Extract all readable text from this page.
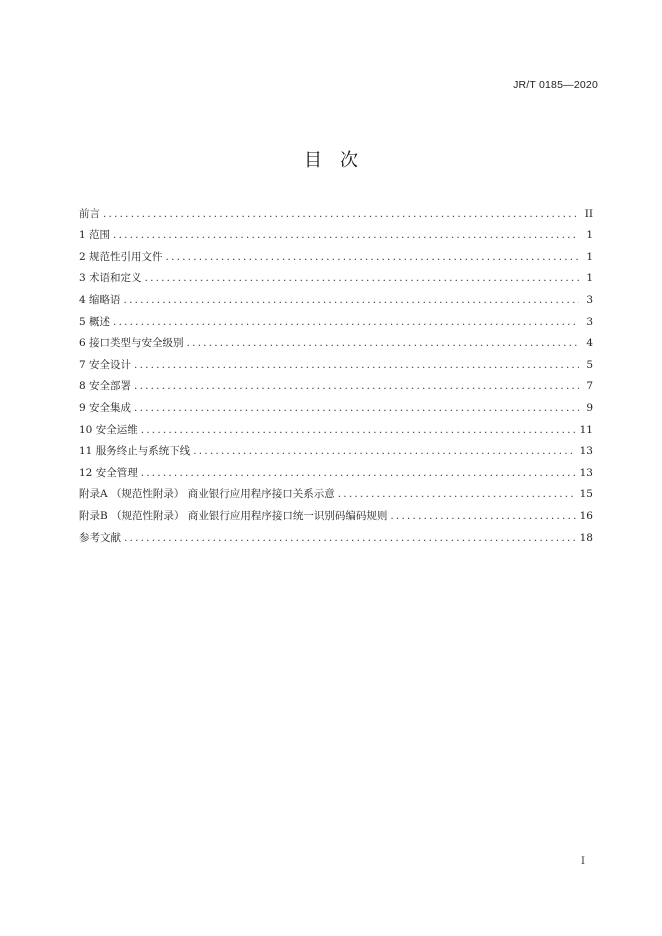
JR/T 0185—2020
目次
前言 .....	II
1 范围 .....	1
2 规范性引用文件 .....	1
3 术语和定义 .....	1
4 缩略语 .....	3
5 概述 .....	3
6 接口类型与安全级别 .....	4
7 安全设计 .....	5
8 安全部署 .....	7
9 安全集成 .....	9
10 安全运维 .....	11
11 服务终止与系统下线 .....	13
12 安全管理 .....	13
附录A （规范性附录） 商业银行应用程序接口关系示意 .....	15
附录B （规范性附录） 商业银行应用程序接口统一识别码编码规则 .....	16
参考文献 .....	18
I
